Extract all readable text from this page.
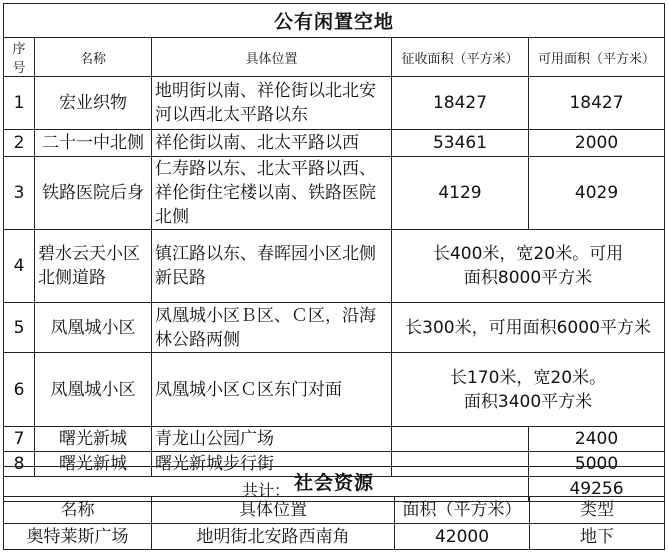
公有闲置空地				
序号	名称	具体位置	征收面积（平方米）	可用面积（平方米）
1	宏业织物	地明街以南、祥伦街以北北安河以西北太平路以东	18427	18427
2	二十一中北侧	祥伦街以南、北太平路以西	53461	2000
3	铁路医院后身	仁寿路以东、北太平路以西、祥伦街住宅楼以南、铁路医院北侧	4129	4029
4	碧水云天小区北侧道路	镇江路以东、春晖园小区北侧新民路	长400米，宽20米。可用面积8000平方米	
5	凤凰城小区	凤凰城小区Ｂ区、Ｃ区，沿海林公路两侧	长300米，可用面积6000平方米	
6	凤凰城小区	凤凰城小区Ｃ区东门对面	长170米，宽20米。面积3400平方米	
7	曙光新城	青龙山公园广场		2400
8	曙光新城	曙光新城步行街		5000
共计：				49256
社会资源			
名称	具体位置	面积（平方米）	类型
奥特莱斯广场	地明街北安路西南角	42000	地下
